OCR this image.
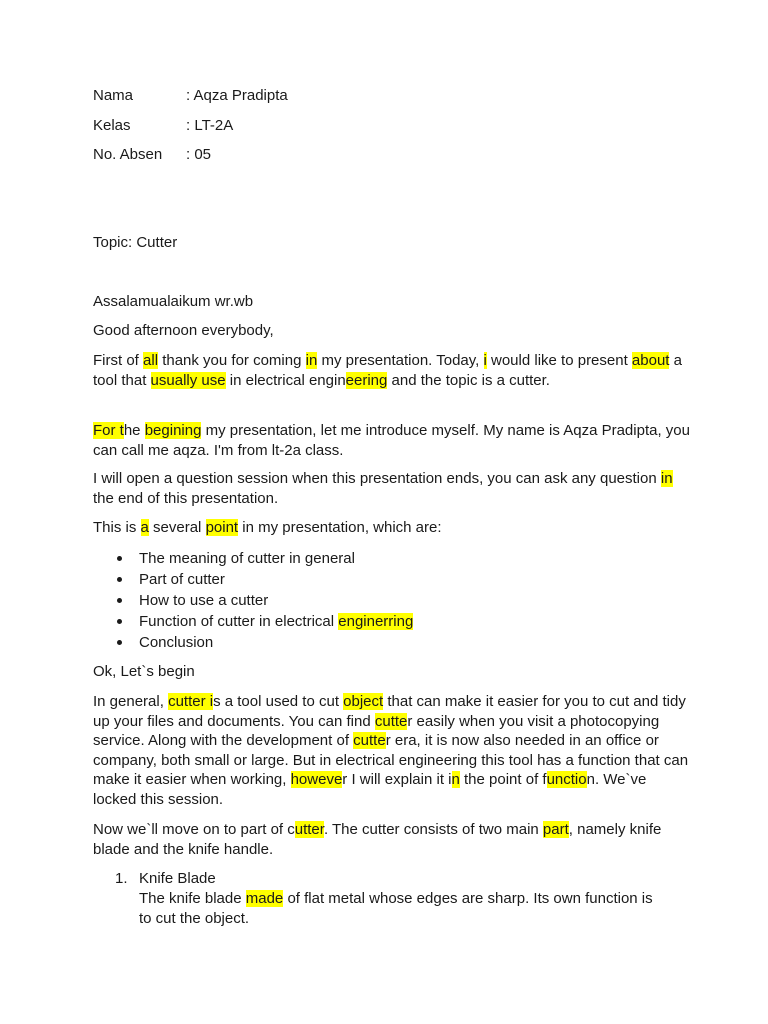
Nama	: Aqza Pradipta
Kelas	: LT-2A
No. Absen : 05
Topic: Cutter
Assalamualaikum wr.wb
Good afternoon everybody,

First of all thank you for coming in my presentation. Today, i would like to present about a tool that usually use in electrical engineering and the topic is a cutter.

For the begining my presentation, let me introduce myself. My name is Aqza Pradipta, you can call me aqza. I'm from lt-2a class.

I will open a question session when this presentation ends, you can ask any question in the end of this presentation.

This is a several point in my presentation, which are:

The meaning of cutter in general
Part of cutter
How to use a cutter
Function of cutter in electrical enginerring
Conclusion
Ok, Let`s begin

In general, cutter is a tool used to cut object that can make it easier for you to cut and tidy up your files and documents. You can find cutter easily when you visit a photocopying service. Along with the development of cutter era, it is now also needed in an office or company, both small or large. But in electrical engineering this tool has a function that can make it easier when working, however I will explain it in the point of function. We`ve locked this session.

Now we`ll move on to part of cutter. The cutter consists of two main part, namely knife blade and the knife handle.

1. Knife Blade
The knife blade made of flat metal whose edges are sharp. Its own function is to cut the object.
